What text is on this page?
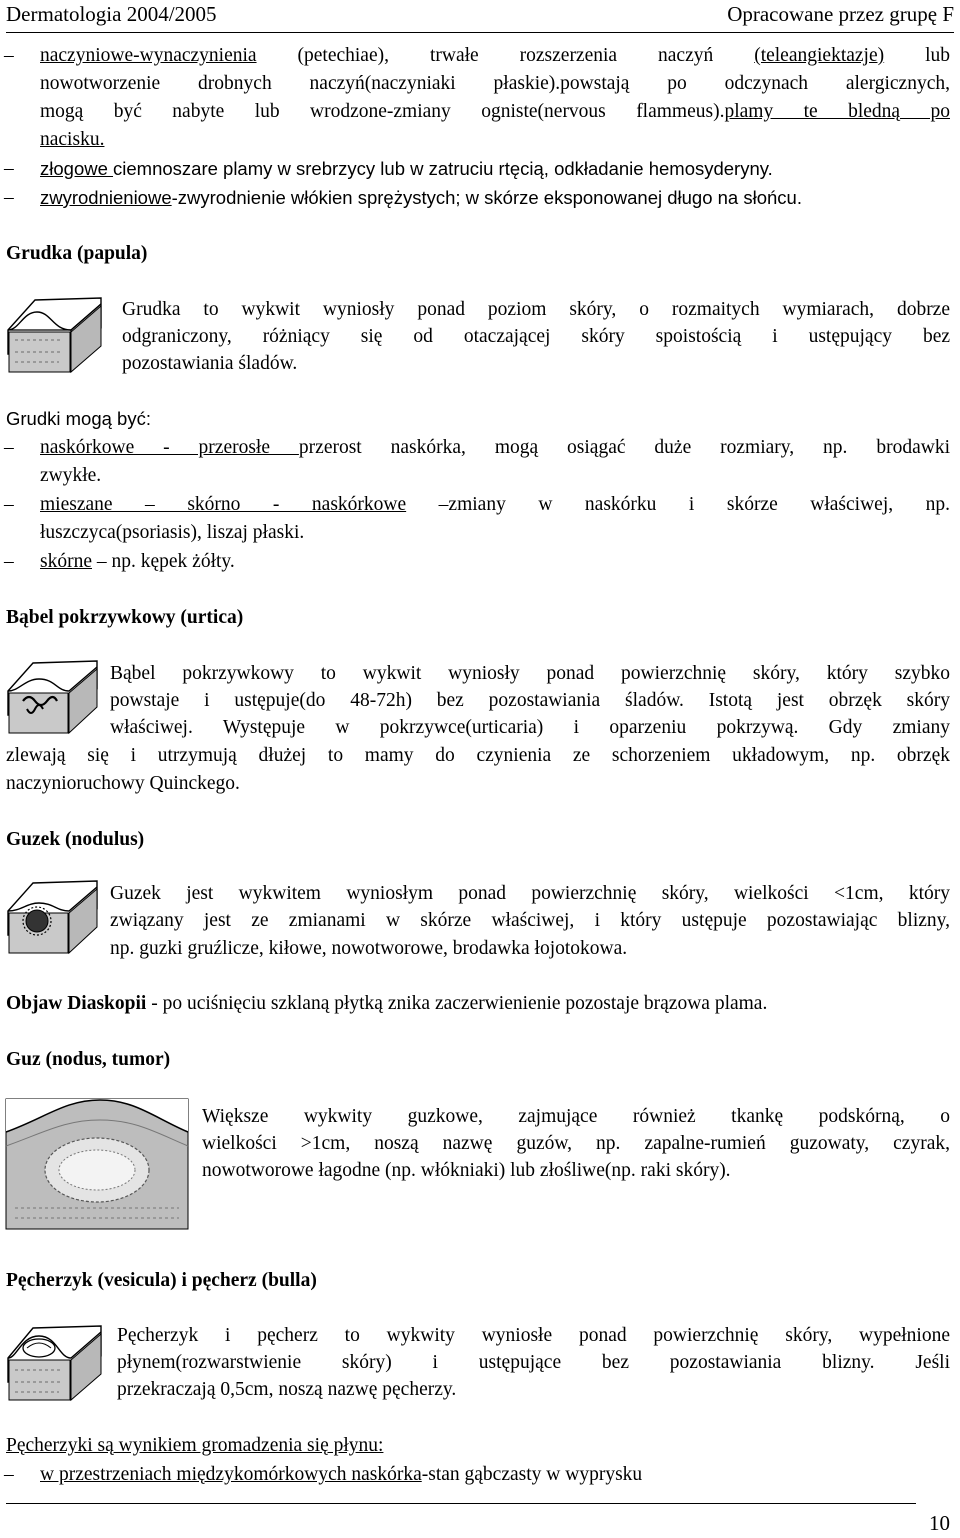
Dermatologia 2004/2005	Opracowane przez grupę F
– naczyniowe-wynaczynienia (petechiae), trwałe rozszerzenia naczyń (teleangiektazje) lub
nowotworzenie drobnych naczyń(naczyniaki płaskie).powstają po odczynach alergicznych,
mogą być nabyte lub wrodzone-zmiany ogniste(nervous flammeus).plamy te bledną po
nacisku.
– złogowe ciemnoszare plamy w srebrzycy lub w zatruciu rtęcią, odkładanie hemosyderyny.
– zwyrodnieniowe-zwyrodnienie włókien sprężystych; w skórze eksponowanej długo na słońcu.
Grudka (papula)
Grudka to wykwit wyniosły ponad poziom skóry, o rozmaitych wymiarach, dobrze
odgraniczony, różniący się od otaczającej skóry spoistością i ustępujący bez
pozostawiania śladów.
Grudki mogą być:
– naskórkowe - przerosłe przerost naskórka, mogą osiągać duże rozmiary, np. brodawki
zwykłe.
– mieszane – skórno - naskórkowe –zmiany w naskórku i skórze właściwej, np.
łuszczyca(psoriasis), liszaj płaski.
– skórne – np. kępek żółty.
Bąbel pokrzywkowy (urtica)
Bąbel pokrzywkowy to wykwit wyniosły ponad powierzchnię skóry, który szybko
powstaje i ustępuje(do 48-72h) bez pozostawiania śladów. Istotą jest obrzęk skóry
właściwej. Występuje w pokrzywce(urticaria) i oparzeniu pokrzywą. Gdy zmiany
zlewają się i utrzymują dłużej to mamy do czynienia ze schorzeniem układowym, np. obrzęk
naczynioruchowy Quinckego.
Guzek (nodulus)
Guzek jest wykwitem wyniosłym ponad powierzchnię skóry, wielkości <1cm, który
związany jest ze zmianami w skórze właściwej, i który ustępuje pozostawiając blizny,
np. guzki gruźlicze, kiłowe, nowotworowe, brodawka łojotokowa.
Objaw Diaskopii - po uciśnięciu szklaną płytką znika zaczerwienienie pozostaje brązowa plama.
Guz (nodus, tumor)
Większe wykwity guzkowe, zajmujące również tkankę podskórną, o
wielkości >1cm, noszą nazwę guzów, np. zapalne-rumień guzowaty, czyrak,
nowotworowe łagodne (np. włókniaki) lub złośliwe(np. raki skóry).
Pęcherzyk (vesicula) i pęcherz (bulla)
Pęcherzyk i pęcherz to wykwity wyniosłe ponad powierzchnię skóry, wypełnione
płynem(rozwarstwienie skóry) i ustępujące bez pozostawiania blizny. Jeśli
przekraczają 0,5cm, noszą nazwę pęcherzy.
Pęcherzyki są wynikiem gromadzenia się płynu:
– w przestrzeniach międzykomórkowych naskórka-stan gąbczasty w wyprysku
10
